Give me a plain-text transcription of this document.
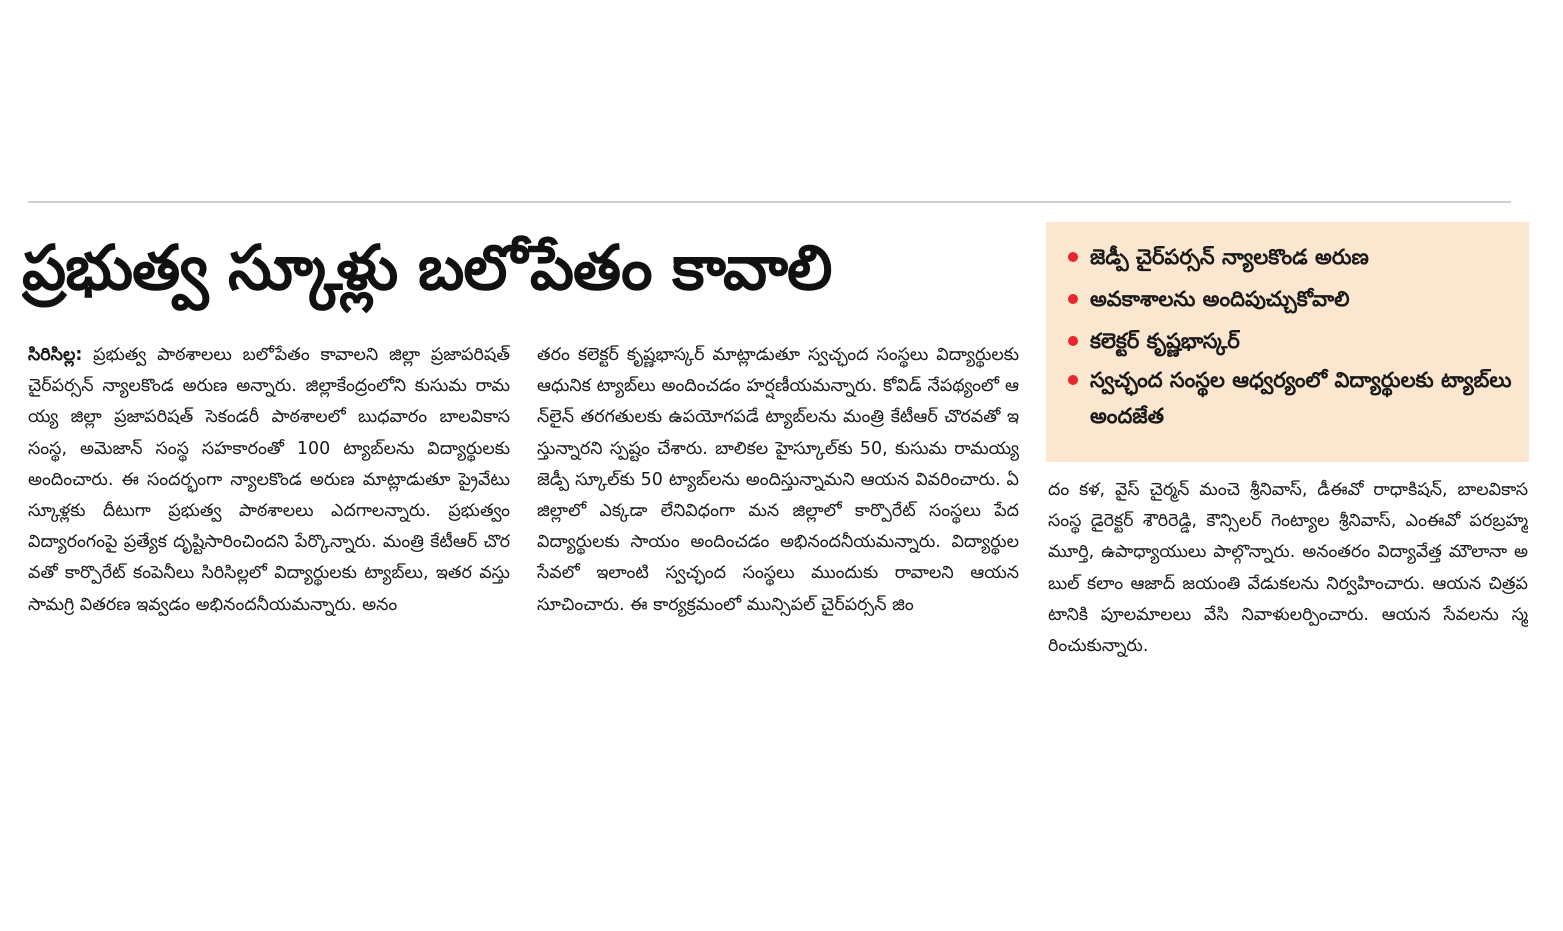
ప్రభుత్వ స్కూళ్లు బలోపేతం కావాలి	జెడ్పీ చైర్‌పర్సన్ న్యాలకొండ అరుణ
అవకాశాలను అందిపుచ్చుకోవాలి
కలెక్టర్ కృష్ణభాస్కర్
స్వచ్ఛంద సంస్థల ఆధ్వర్యంలో విద్యార్థులకు ట్యాబ్‌లు అందజేత
సిరిసిల్ల: ప్రభుత్వ పాఠశాలలు బలోపేతం కావాలని జిల్లా ప్రజాపరిషత్ చైర్‌పర్సన్ న్యాలకొండ అరుణ అన్నారు. జిల్లాకేంద్రంలోని కుసుమ రామయ్య జిల్లా ప్రజాపరిషత్ సెకండరీ పాఠశాలలో బుధవారం బాలవికాస సంస్థ, అమెజాన్ సంస్థ సహకారంతో 100 ట్యాబ్‌లను విద్యార్థులకు అందించారు. ఈ సందర్భంగా న్యాలకొండ అరుణ మాట్లాడుతూ ప్రైవేటు స్కూళ్లకు దీటుగా ప్రభుత్వ పాఠశాలలు ఎదగాలన్నారు. ప్రభుత్వం విద్యారంగంపై ప్రత్యేక దృష్టిసారించిందని పేర్కొన్నారు. మంత్రి కేటీఆర్ చొరవతో కార్పొరేట్ కంపెనీలు సిరిసిల్లలో విద్యార్థులకు ట్యాబ్‌లు, ఇతర వస్తు సామగ్రి వితరణ ఇవ్వడం అభినందనీయమన్నారు. అనం
తరం కలెక్టర్ కృష్ణభాస్కర్ మాట్లాడుతూ స్వచ్ఛంద సంస్థలు విద్యార్థులకు ఆధునిక ట్యాబ్‌లు అందించడం హర్షణీయమన్నారు. కోవిడ్ నేపథ్యంలో ఆన్‌లైన్ తరగతులకు ఉపయోగపడే ట్యాబ్‌లను మంత్రి కేటీఆర్ చొరవతో ఇస్తున్నారని స్పష్టం చేశారు. బాలికల హైస్కూల్‌కు 50, కుసుమ రామయ్య జెడ్పీ స్కూల్‌కు 50 ట్యాబ్‌లను అందిస్తున్నామని ఆయన వివరించారు. ఏ జిల్లాలో ఎక్కడా లేనివిధంగా మన జిల్లాలో కార్పొరేట్ సంస్థలు పేద విద్యార్థులకు సాయం అందించడం అభినందనీయమన్నారు. విద్యార్థుల సేవలో ఇలాంటి స్వచ్ఛంద సంస్థలు ముందుకు రావాలని ఆయన సూచించారు. ఈ కార్యక్రమంలో మున్సిపల్ చైర్‌పర్సన్ జిం
దం కళ, వైస్ చైర్మన్ మంచె శ్రీనివాస్, డీఈవో రాధాకిషన్, బాలవికాస సంస్థ డైరెక్టర్ శౌరిరెడ్డి, కౌన్సిలర్ గెంట్యాల శ్రీనివాస్, ఎంఈవో పరబ్రహ్మమూర్తి, ఉపాధ్యాయులు పాల్గొన్నారు. అనంతరం విద్యావేత్త మౌలానా అబుల్ కలాం ఆజాద్ జయంతి వేడుకలను నిర్వహించారు. ఆయన చిత్రపటానికి పూలమాలలు వేసి నివాళులర్పించారు. ఆయన సేవలను స్మరించుకున్నారు.
